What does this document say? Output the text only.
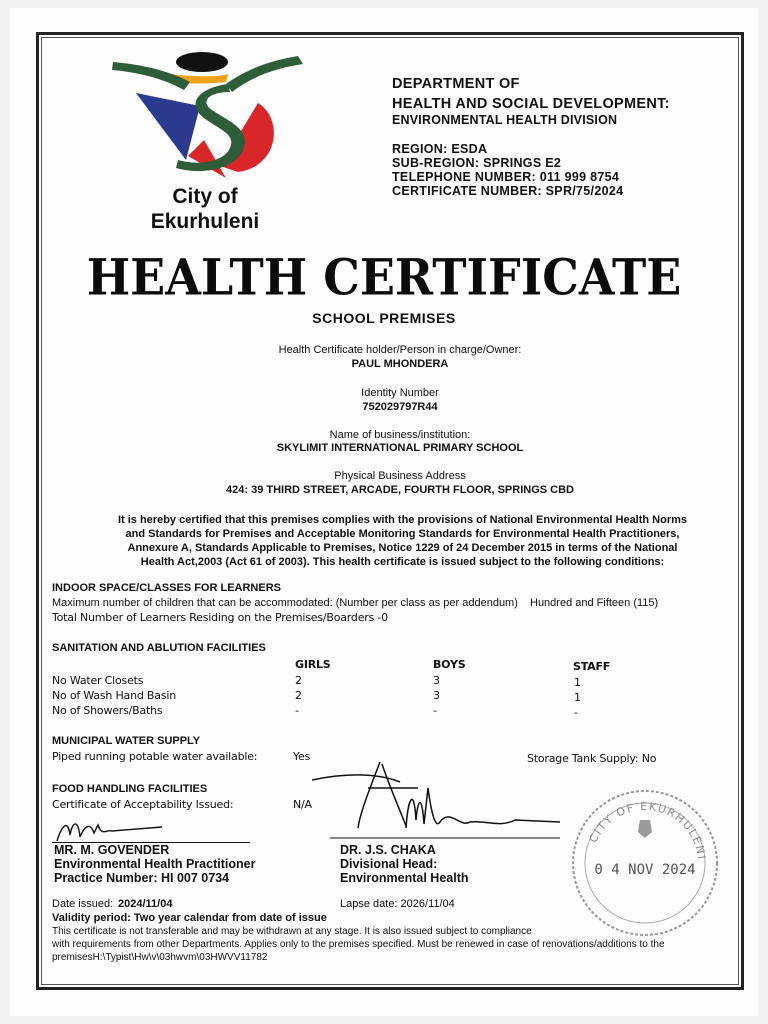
City of
Ekurhuleni
DEPARTMENT OF
HEALTH AND SOCIAL DEVELOPMENT:
ENVIRONMENTAL HEALTH DIVISION
REGION: ESDA
SUB-REGION: SPRINGS E2
TELEPHONE NUMBER: 011 999 8754
CERTIFICATE NUMBER: SPR/75/2024
HEALTH CERTIFICATE
SCHOOL PREMISES
Health Certificate holder/Person in charge/Owner:
PAUL MHONDERA
Identity Number
752029797R44
Name of business/institution:
SKYLIMIT INTERNATIONAL PRIMARY SCHOOL
Physical Business Address
424: 39 THIRD STREET, ARCADE, FOURTH FLOOR, SPRINGS CBD
It is hereby certified that this premises complies with the provisions of National Environmental Health Norms and Standards for Premises and Acceptable Monitoring Standards for Environmental Health Practitioners, Annexure A, Standards Applicable to Premises, Notice 1229 of 24 December 2015 in terms of the National Health Act,2003 (Act 61 of 2003). This health certificate is issued subject to the following conditions:
INDOOR SPACE/CLASSES FOR LEARNERS
Maximum number of children that can be accommodated: (Number per class as per addendum) Hundred and Fifteen (115)
Total Number of Learners Residing on the Premises/Boarders -0
SANITATION AND ABLUTION FACILITIES
GIRLS	BOYS	STAFF
No Water Closets	2	3	1
No of Wash Hand Basin	2	3	1
No of Showers/Baths	-	-	-
MUNICIPAL WATER SUPPLY
Piped running potable water available:	Yes	Storage Tank Supply: No
FOOD HANDLING FACILITIES
Certificate of Acceptability Issued:	N/A
MR. M. GOVENDER
Environmental Health Practitioner
Practice Number: HI 007 0734
DR. J.S. CHAKA
Divisional Head:
Environmental Health
CITY OF EKURHULENI
0 4 NOV 2024
Date issued: 2024/11/04	Lapse date: 2026/11/04
Validity period: Two year calendar from date of issue
This certificate is not transferable and may be withdrawn at any stage. It is also issued subject to compliance
with requirements from other Departments. Applies only to the premises specified. Must be renewed in case of renovations/additions to the
premisesH:\Typist\Hw\v\03hwvm\03HWVV11782
